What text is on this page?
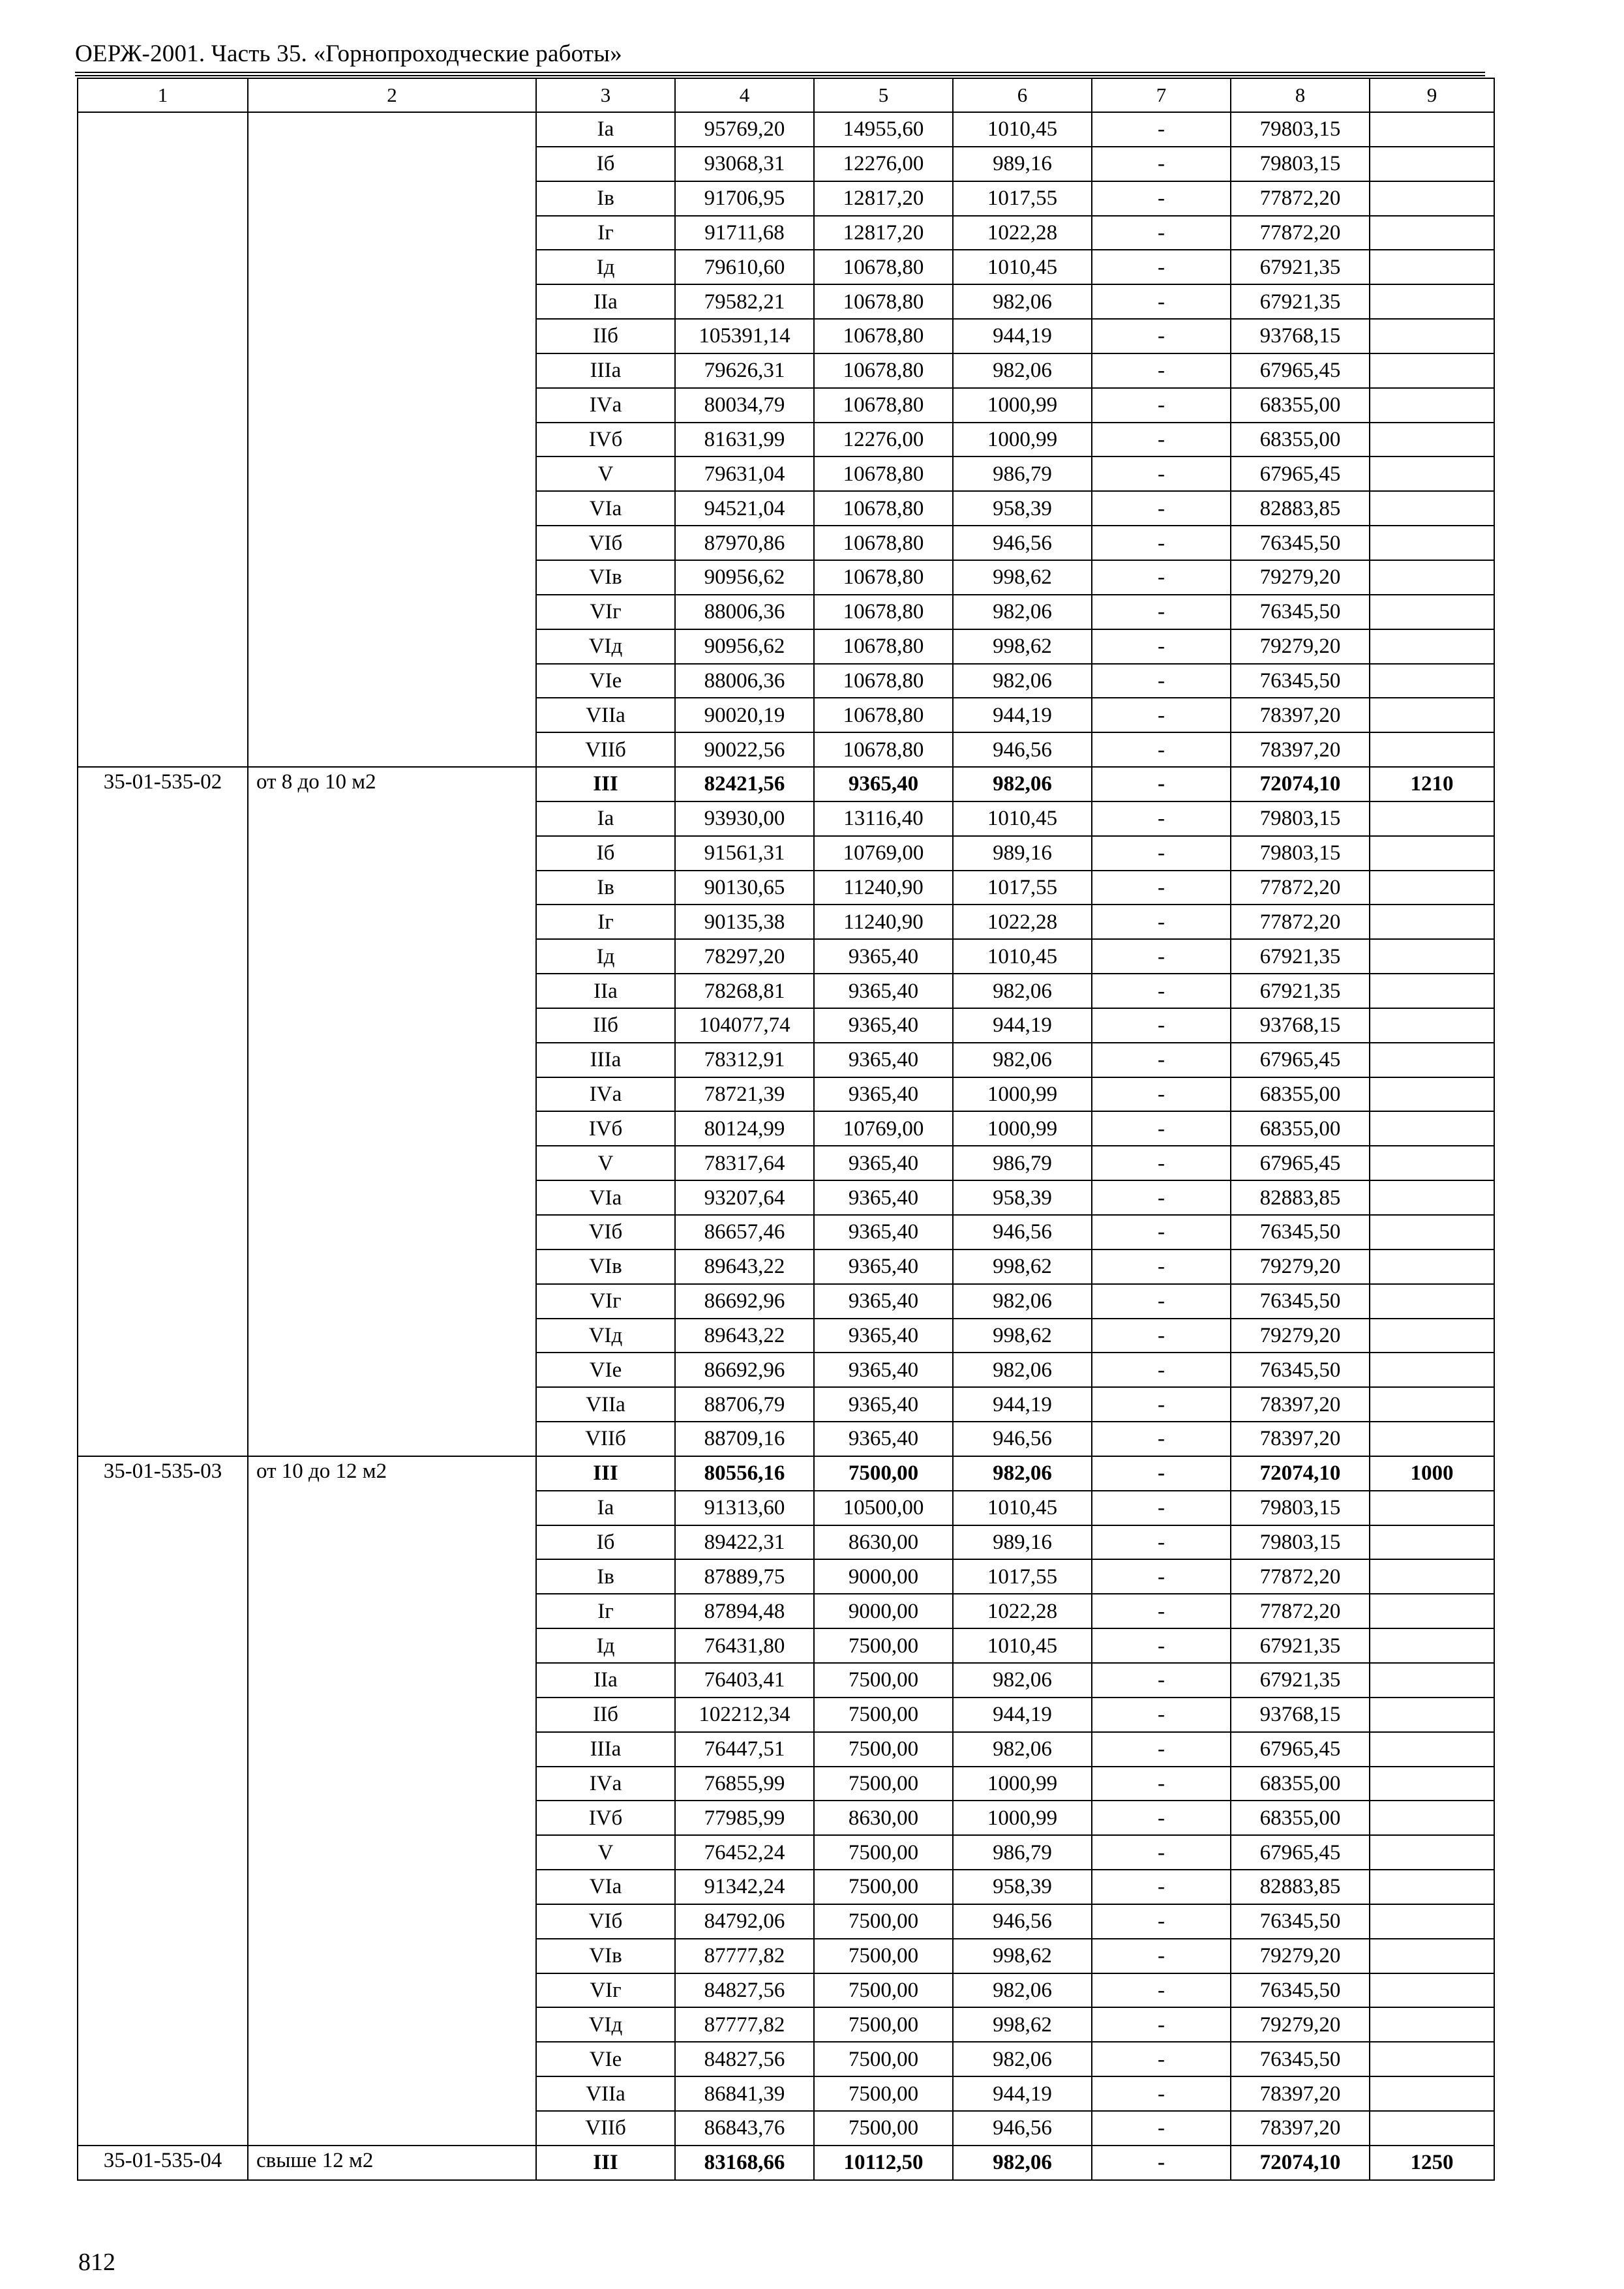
ОЕРЖ-2001. Часть 35. «Горнопроходческие работы»
1	2	3	4	5	6	7	8	9
		Iа	95769,20	14955,60	1010,45	-	79803,15	
		Iб	93068,31	12276,00	989,16	-	79803,15	
		Iв	91706,95	12817,20	1017,55	-	77872,20	
		Iг	91711,68	12817,20	1022,28	-	77872,20	
		Iд	79610,60	10678,80	1010,45	-	67921,35	
		IIа	79582,21	10678,80	982,06	-	67921,35	
		IIб	105391,14	10678,80	944,19	-	93768,15	
		IIIа	79626,31	10678,80	982,06	-	67965,45	
		IVа	80034,79	10678,80	1000,99	-	68355,00	
		IVб	81631,99	12276,00	1000,99	-	68355,00	
		V	79631,04	10678,80	986,79	-	67965,45	
		VIа	94521,04	10678,80	958,39	-	82883,85	
		VIб	87970,86	10678,80	946,56	-	76345,50	
		VIв	90956,62	10678,80	998,62	-	79279,20	
		VIг	88006,36	10678,80	982,06	-	76345,50	
		VIд	90956,62	10678,80	998,62	-	79279,20	
		VIе	88006,36	10678,80	982,06	-	76345,50	
		VIIа	90020,19	10678,80	944,19	-	78397,20	
		VIIб	90022,56	10678,80	946,56	-	78397,20	
35-01-535-02	от 8 до 10 м2	III	82421,56	9365,40	982,06	-	72074,10	1210
		Iа	93930,00	13116,40	1010,45	-	79803,15	
		Iб	91561,31	10769,00	989,16	-	79803,15	
		Iв	90130,65	11240,90	1017,55	-	77872,20	
		Iг	90135,38	11240,90	1022,28	-	77872,20	
		Iд	78297,20	9365,40	1010,45	-	67921,35	
		IIа	78268,81	9365,40	982,06	-	67921,35	
		IIб	104077,74	9365,40	944,19	-	93768,15	
		IIIа	78312,91	9365,40	982,06	-	67965,45	
		IVа	78721,39	9365,40	1000,99	-	68355,00	
		IVб	80124,99	10769,00	1000,99	-	68355,00	
		V	78317,64	9365,40	986,79	-	67965,45	
		VIа	93207,64	9365,40	958,39	-	82883,85	
		VIб	86657,46	9365,40	946,56	-	76345,50	
		VIв	89643,22	9365,40	998,62	-	79279,20	
		VIг	86692,96	9365,40	982,06	-	76345,50	
		VIд	89643,22	9365,40	998,62	-	79279,20	
		VIе	86692,96	9365,40	982,06	-	76345,50	
		VIIа	88706,79	9365,40	944,19	-	78397,20	
		VIIб	88709,16	9365,40	946,56	-	78397,20	
35-01-535-03	от 10 до 12 м2	III	80556,16	7500,00	982,06	-	72074,10	1000
		Iа	91313,60	10500,00	1010,45	-	79803,15	
		Iб	89422,31	8630,00	989,16	-	79803,15	
		Iв	87889,75	9000,00	1017,55	-	77872,20	
		Iг	87894,48	9000,00	1022,28	-	77872,20	
		Iд	76431,80	7500,00	1010,45	-	67921,35	
		IIа	76403,41	7500,00	982,06	-	67921,35	
		IIб	102212,34	7500,00	944,19	-	93768,15	
		IIIа	76447,51	7500,00	982,06	-	67965,45	
		IVа	76855,99	7500,00	1000,99	-	68355,00	
		IVб	77985,99	8630,00	1000,99	-	68355,00	
		V	76452,24	7500,00	986,79	-	67965,45	
		VIа	91342,24	7500,00	958,39	-	82883,85	
		VIб	84792,06	7500,00	946,56	-	76345,50	
		VIв	87777,82	7500,00	998,62	-	79279,20	
		VIг	84827,56	7500,00	982,06	-	76345,50	
		VIд	87777,82	7500,00	998,62	-	79279,20	
		VIе	84827,56	7500,00	982,06	-	76345,50	
		VIIа	86841,39	7500,00	944,19	-	78397,20	
		VIIб	86843,76	7500,00	946,56	-	78397,20	
35-01-535-04	свыше 12 м2	III	83168,66	10112,50	982,06	-	72074,10	1250
812
